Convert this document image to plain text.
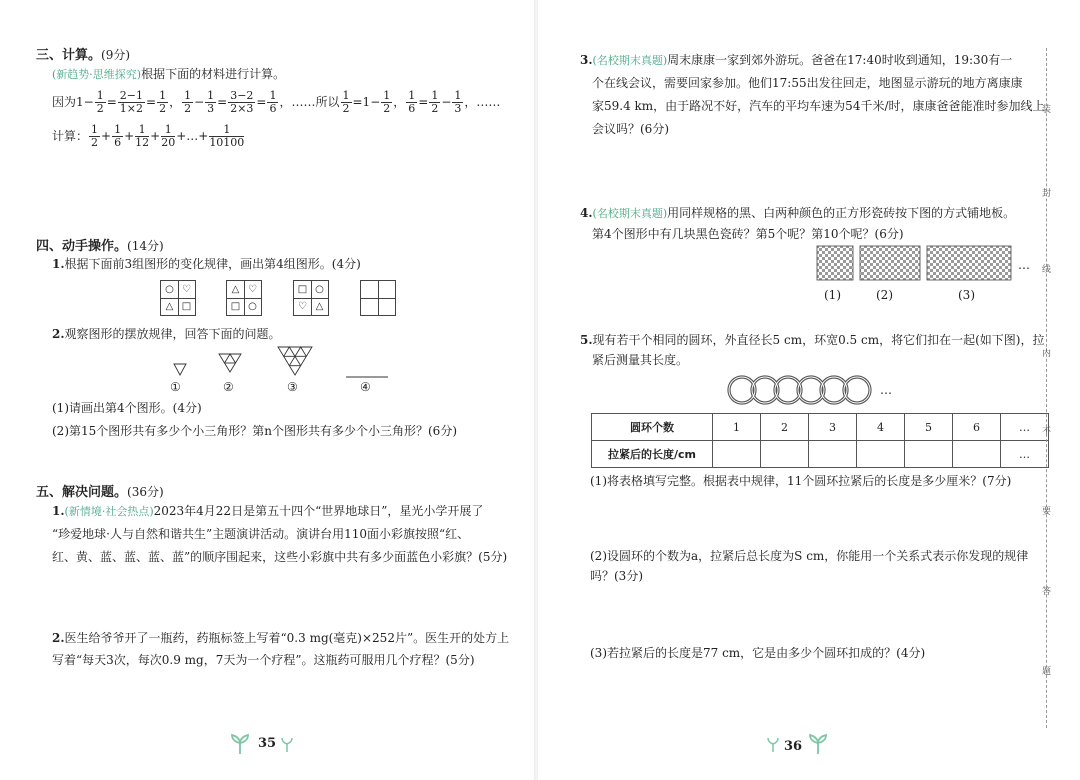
三、计算。(9分)
(新趋势·思维探究)根据下面的材料进行计算。
因为$1- \frac{1}{2} = \frac{2-1}{1\times 2} = \frac{1}{2}$ ， $\frac{1}{2} - \frac{1}{3} = \frac{3-2}{2\times 3} = \frac{1}{6}$ ，……所以 $\frac{1}{2} =1- \frac{1}{2}$ ， $\frac{1}{6} = \frac{1}{2} - \frac{1}{3}$ ，……
计算： $\frac{1}{2} + \frac{1}{6} + \frac{1}{12} + \frac{1}{20}$ +…+ $\frac{1}{10100}$
四、动手操作。(14分)
1.根据下面前3组图形的变化规律，画出第4组图形。(4分)
○ ♡
△ □
△ ♡
□ ○
□ ○
♡ △
2.观察图形的摆放规律，回答下面的问题。
①	②	③	④
(1)请画出第4个图形。(4分)
(2)第15个图形共有多少个小三角形？第n个图形共有多少个小三角形？(6分)
五、解决问题。(36分)
1.(新情境·社会热点)2023年4月22日是第五十四个“世界地球日”，星光小学开展了
“珍爱地球·人与自然和谐共生”主题演讲活动。演讲台用110面小彩旗按照“红、
红、黄、蓝、蓝、蓝、蓝”的顺序围起来，这些小彩旗中共有多少面蓝色小彩旗？(5分)
2.医生给爷爷开了一瓶药，药瓶标签上写着“0.3 mg(毫克)×252片”。医生开的处方上
写着“每天3次，每次0.9 mg，7天为一个疗程”。这瓶药可服用几个疗程？(5分)
35
3.(名校期末真题)周末康康一家到郊外游玩。爸爸在17:40时收到通知，19:30有一
个在线会议，需要回家参加。他们17:55出发往回走，地图显示游玩的地方离康康
家59.4 km，由于路况不好，汽车的平均车速为54千米/时，康康爸爸能准时参加线上
会议吗？(6分)
4.(名校期末真题)用同样规格的黑、白两种颜色的正方形瓷砖按下图的方式铺地板。
第4个图形中有几块黑色瓷砖？第5个呢？第10个呢？(6分)
…
(1)	(2)	(3)
5.现有若干个相同的圆环，外直径长5 cm，环宽0.5 cm，将它们扣在一起(如下图)，拉
紧后测量其长度。
…
圆环个数	1	2	3	4	5	6	…
拉紧后的长度/cm							…
(1)将表格填写完整。根据表中规律，11个圆环拉紧后的长度是多少厘米？(7分)
(2)设圆环的个数为a，拉紧后总长度为S cm，你能用一个关系式表示你发现的规律
吗？(3分)
(3)若拉紧后的长度是77 cm，它是由多少个圆环扣成的？(4分)
36
装
封
线
内
不
要
答
题
